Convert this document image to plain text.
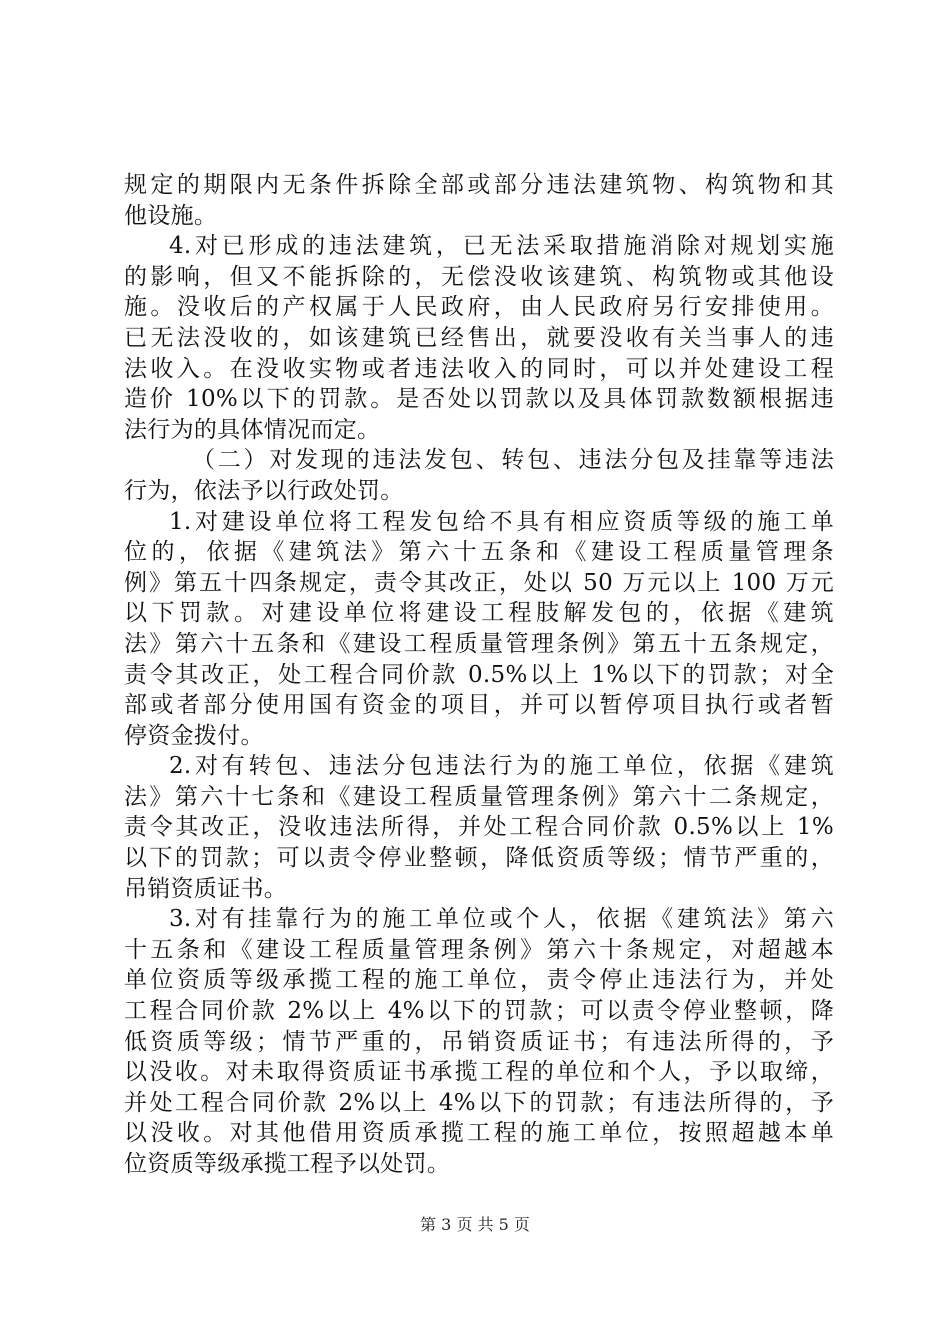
规定的期限内无条件拆除全部或部分违法建筑物、构筑物和其
他设施。
4.对已形成的违法建筑，已无法采取措施消除对规划实施
的影响，但又不能拆除的，无偿没收该建筑、构筑物或其他设
施。没收后的产权属于人民政府，由人民政府另行安排使用。
已无法没收的，如该建筑已经售出，就要没收有关当事人的违
法收入。在没收实物或者违法收入的同时，可以并处建设工程
造价 10%以下的罚款。是否处以罚款以及具体罚款数额根据违
法行为的具体情况而定。
（二）对发现的违法发包、转包、违法分包及挂靠等违法
行为，依法予以行政处罚。
1.对建设单位将工程发包给不具有相应资质等级的施工单
位的，依据《建筑法》第六十五条和《建设工程质量管理条
例》第五十四条规定，责令其改正，处以 50 万元以上 100 万元
以下罚款。对建设单位将建设工程肢解发包的，依据《建筑
法》第六十五条和《建设工程质量管理条例》第五十五条规定，
责令其改正，处工程合同价款 0.5%以上 1%以下的罚款；对全
部或者部分使用国有资金的项目，并可以暂停项目执行或者暂
停资金拨付。
2.对有转包、违法分包违法行为的施工单位，依据《建筑
法》第六十七条和《建设工程质量管理条例》第六十二条规定，
责令其改正，没收违法所得，并处工程合同价款 0.5%以上 1%
以下的罚款；可以责令停业整顿，降低资质等级；情节严重的，
吊销资质证书。
3.对有挂靠行为的施工单位或个人，依据《建筑法》第六
十五条和《建设工程质量管理条例》第六十条规定，对超越本
单位资质等级承揽工程的施工单位，责令停止违法行为，并处
工程合同价款 2%以上 4%以下的罚款；可以责令停业整顿，降
低资质等级；情节严重的，吊销资质证书；有违法所得的，予
以没收。对未取得资质证书承揽工程的单位和个人，予以取缔，
并处工程合同价款 2%以上 4%以下的罚款；有违法所得的，予
以没收。对其他借用资质承揽工程的施工单位，按照超越本单
位资质等级承揽工程予以处罚。
第 3 页 共 5 页
